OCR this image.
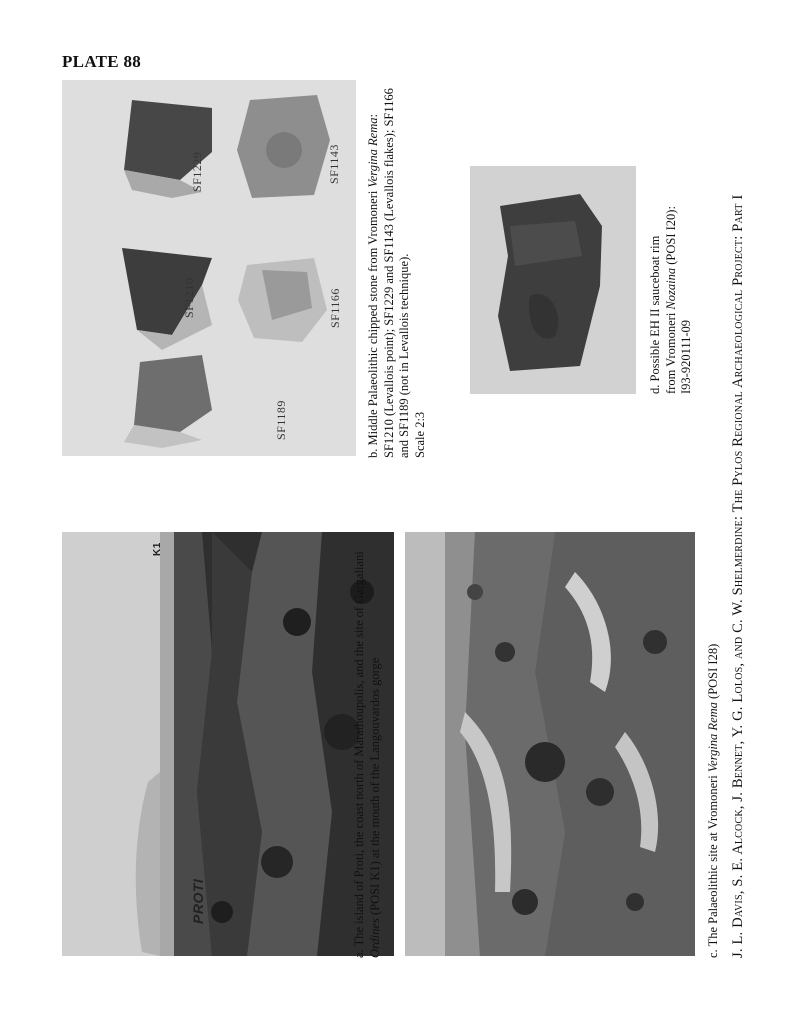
PLATE 88
PROTI
K1
a. The island of Proti, the coast north of Marathoupolis, and the site of Gargaliani Ordines (POSI K1) at the mouth of the Langouvardos gorge	c. The Palaeolithic site at Vromoneri Vergina Rema (POSI I28) J. L. Davis, S. E. Alcock, J. Bennet, Y. G. Lolos, and C. W. Shelmerdine: The Pylos Regional Archaeological Project: Part I
SF1229	SF1143
SF1210	SF1166
SF1189	b. Middle Palaeolithic chipped stone from Vromoneri Vergina Rema: SF1210 (Levallois point); SF1229 and SF1143 (Levallois flakes); SF1166 and SF1189 (not in Levallois technique). Scale 2:3
d. Possible EH II sauceboat rim from Vromoneri Nozaina (POSI I20):
I93-920111-09
